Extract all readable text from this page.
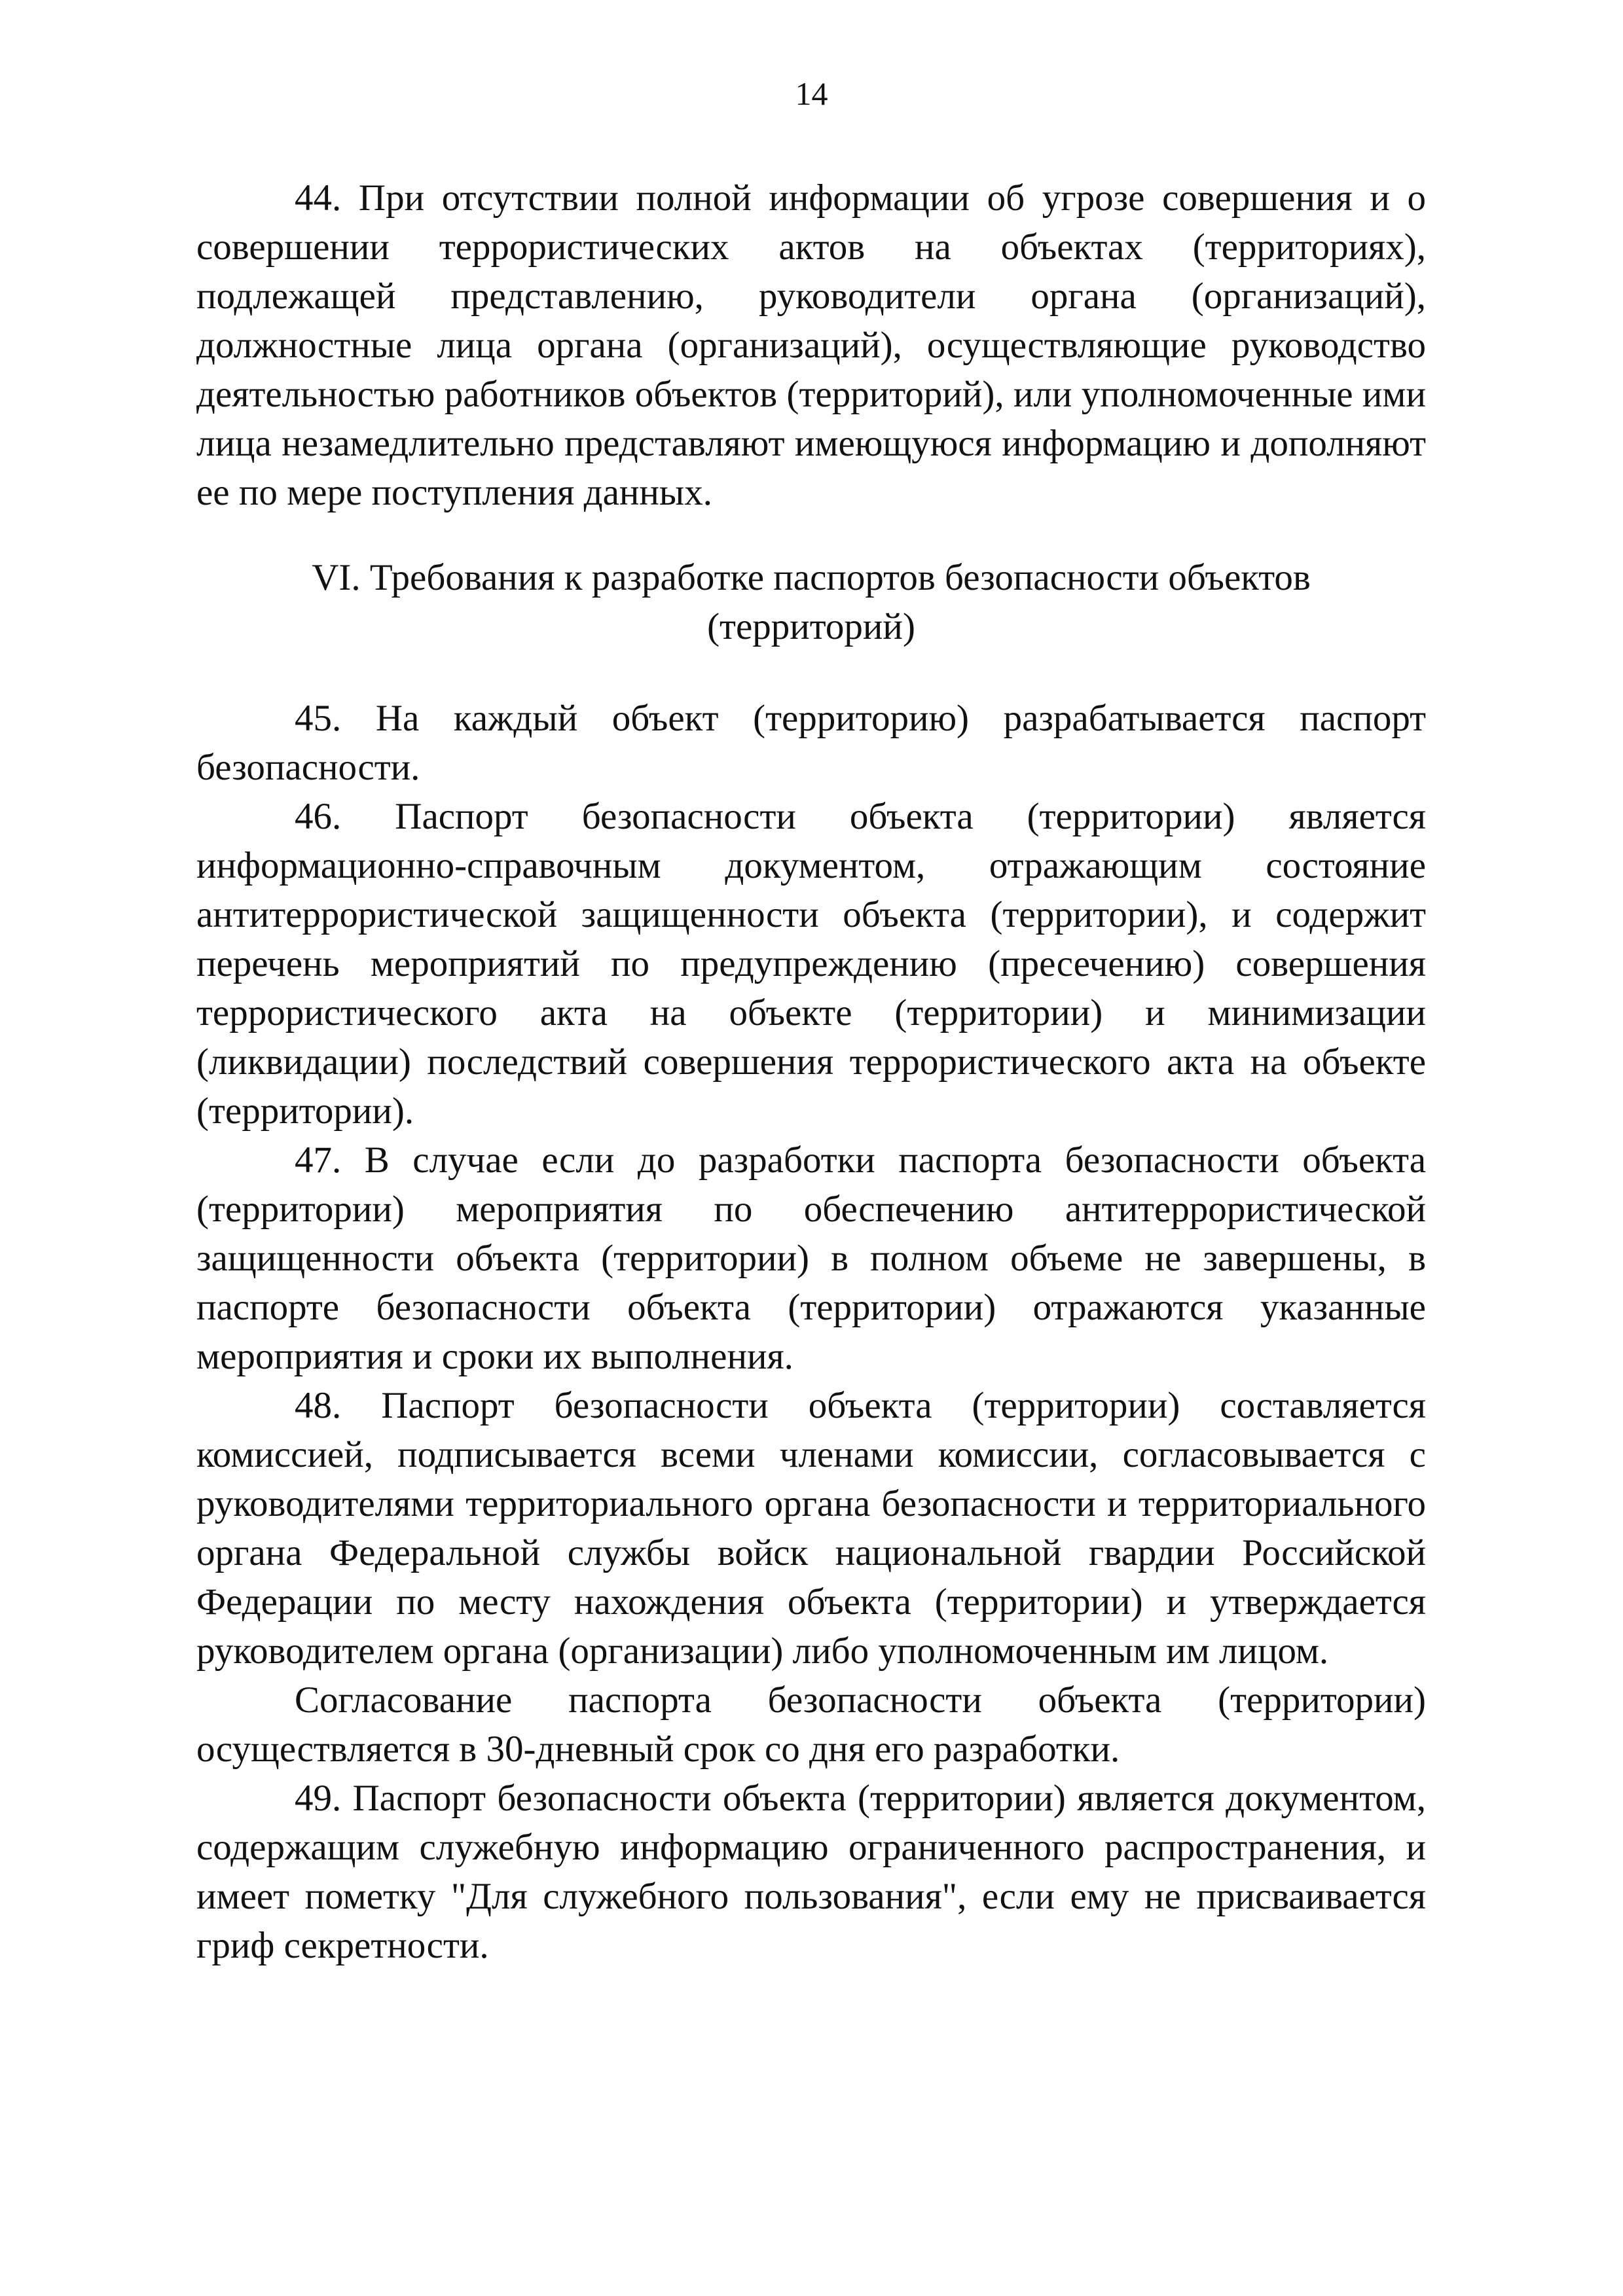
14

44. При отсутствии полной информации об угрозе совершения и о совершении террористических актов на объектах (территориях), подлежащей представлению, руководители органа (организаций), должностные лица органа (организаций), осуществляющие руководство деятельностью работников объектов (территорий), или уполномоченные ими лица незамедлительно представляют имеющуюся информацию и дополняют ее по мере поступления данных.

VI. Требования к разработке паспортов безопасности объектов
(территорий)

45. На каждый объект (территорию) разрабатывается паспорт безопасности.

46. Паспорт безопасности объекта (территории) является информационно-справочным документом, отражающим состояние антитеррористической защищенности объекта (территории), и содержит перечень мероприятий по предупреждению (пресечению) совершения террористического акта на объекте (территории) и минимизации (ликвидации) последствий совершения террористического акта на объекте (территории).

47. В случае если до разработки паспорта безопасности объекта (территории) мероприятия по обеспечению антитеррористической защищенности объекта (территории) в полном объеме не завершены, в паспорте безопасности объекта (территории) отражаются указанные мероприятия и сроки их выполнения.

48. Паспорт безопасности объекта (территории) составляется комиссией, подписывается всеми членами комиссии, согласовывается с руководителями территориального органа безопасности и территориального органа Федеральной службы войск национальной гвардии Российской Федерации по месту нахождения объекта (территории) и утверждается руководителем органа (организации) либо уполномоченным им лицом.

Согласование паспорта безопасности объекта (территории) осуществляется в 30-дневный срок со дня его разработки.

49. Паспорт безопасности объекта (территории) является документом, содержащим служебную информацию ограниченного распространения, и имеет пометку "Для служебного пользования", если ему не присваивается гриф секретности.
